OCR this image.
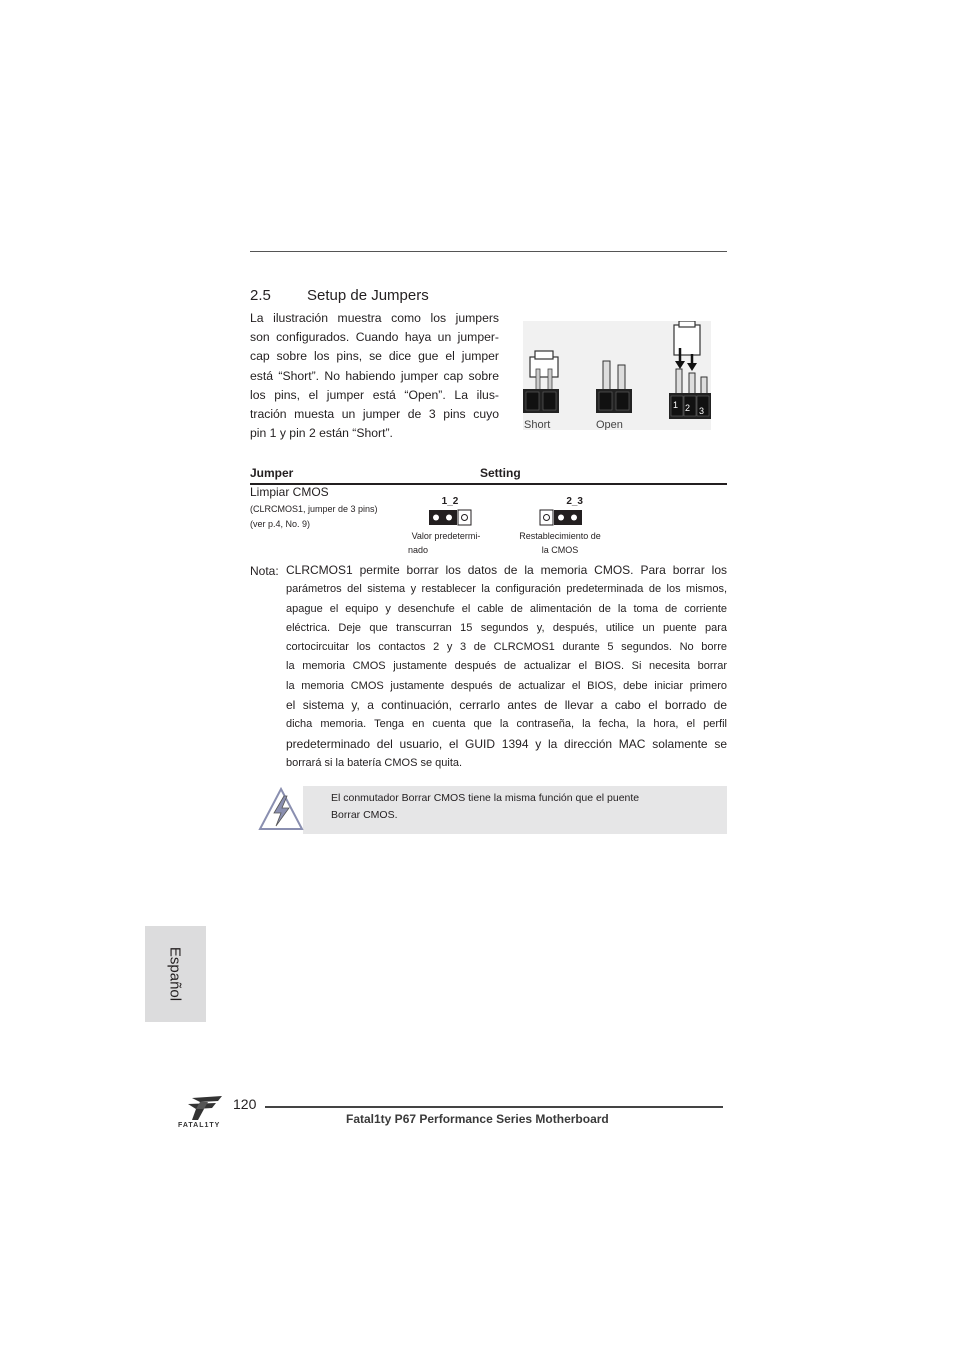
2.5 Setup de Jumpers
La ilustración muestra como los jumpers
son configurados. Cuando haya un jumper-
cap sobre los pins, se dice gue el jumper
está “Short”. No habiendo jumper cap sobre
los pins, el jumper está “Open”. La ilus-
tración muesta un jumper de 3 pins cuyo
pin 1 y pin 2 están “Short”.
Short	Open
1 2 3
Jumper	Setting
Limpiar CMOS
(CLRCMOS1, jumper de 3 pins)
(ver p.4, No. 9)
1_2
Valor predetermi-
nado
2_3
Restablecimiento de
la CMOS
Nota: CLRCMOS1 permite borrar los datos de la memoria CMOS. Para borrar los
parámetros del sistema y restablecer la configuración predeterminada de los mismos,
apague el equipo y desenchufe el cable de alimentación de la toma de corriente
eléctrica. Deje que transcurran 15 segundos y, después, utilice un puente para
cortocircuitar los contactos 2 y 3 de CLRCMOS1 durante 5 segundos. No borre
la memoria CMOS justamente después de actualizar el BIOS. Si necesita borrar
la memoria CMOS justamente después de actualizar el BIOS, debe iniciar primero
el sistema y, a continuación, cerrarlo antes de llevar a cabo el borrado de
dicha memoria. Tenga en cuenta que la contraseña, la fecha, la hora, el perfil
predeterminado del usuario, el GUID 1394 y la dirección MAC solamente se
borrará si la batería CMOS se quita.
El conmutador Borrar CMOS tiene la misma función que el puente
Borrar CMOS.
Español
FATAL1TY
120
Fatal1ty P67 Performance Series Motherboard
